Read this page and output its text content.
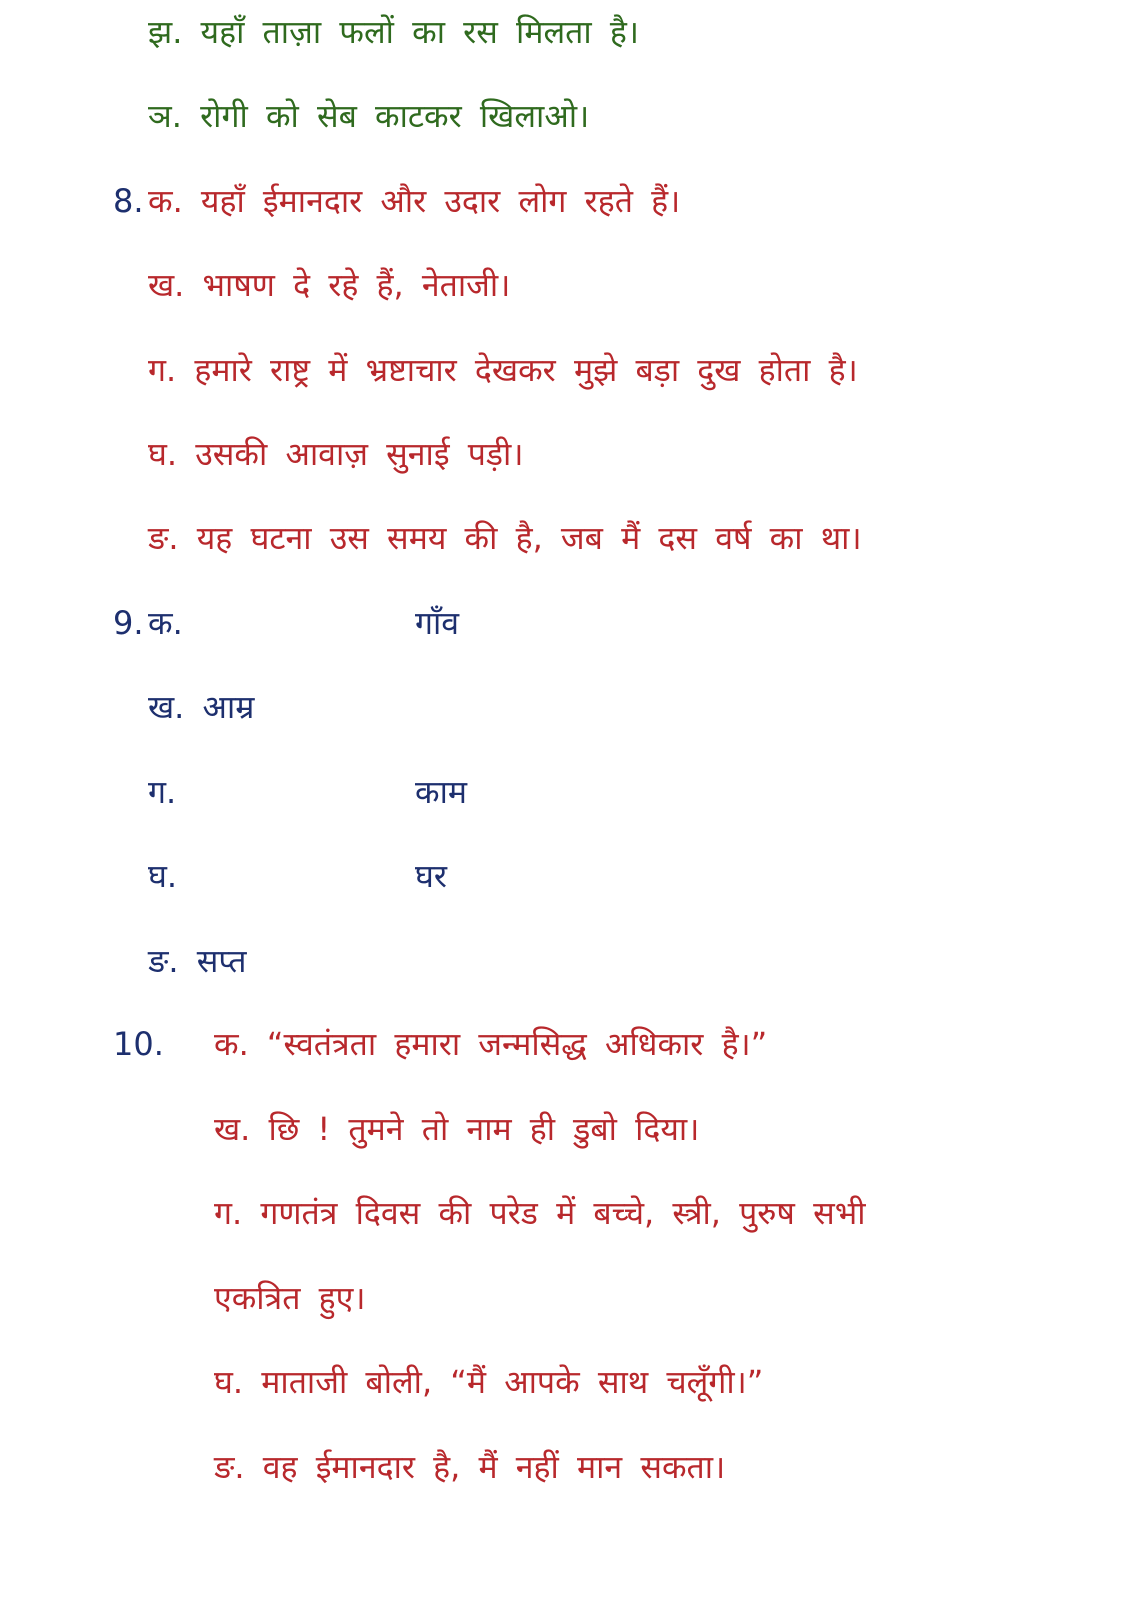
झ. यहाँ ताज़ा फलों का रस मिलता है।
ञ. रोगी को सेब काटकर खिलाओ।
8. क. यहाँ ईमानदार और उदार लोग रहते हैं।
ख. भाषण दे रहे हैं, नेताजी।
ग. हमारे राष्ट्र में भ्रष्टाचार देखकर मुझे बड़ा दुख होता है।
घ. उसकी आवाज़ सुनाई पड़ी।
ङ. यह घटना उस समय की है, जब मैं दस वर्ष का था।
9. क.	गाँव
ख. आम्र
ग.	काम
घ.	घर
ङ. सप्त
10. क. “स्वतंत्रता हमारा जन्मसिद्ध अधिकार है।”
ख. छि ! तुमने तो नाम ही डुबो दिया।
ग. गणतंत्र दिवस की परेड में बच्चे, स्त्री, पुरुष सभी
एकत्रित हुए।
घ. माताजी बोली, “मैं आपके साथ चलूँगी।”
ङ. वह ईमानदार है, मैं नहीं मान सकता।
